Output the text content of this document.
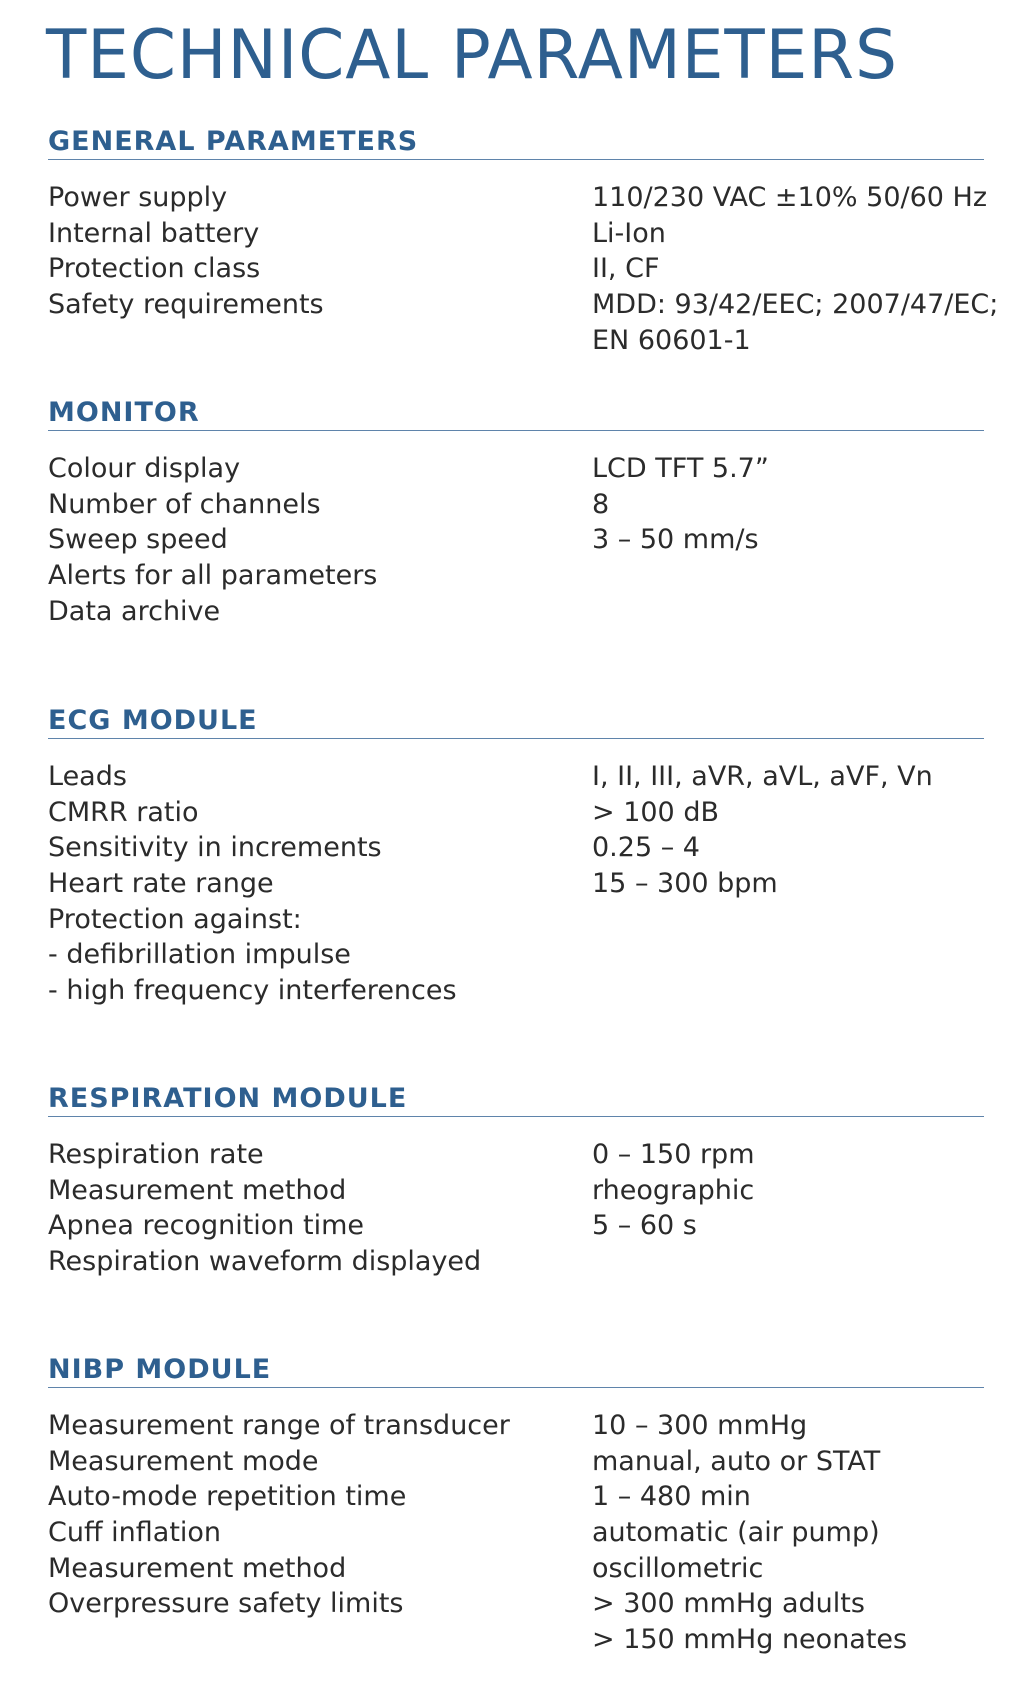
TECHNICAL PARAMETERS
GENERAL PARAMETERS
Power supply	110/230 VAC ±10% 50/60 Hz
Internal battery	Li-Ion
Protection class	II, CF
Safety requirements	MDD: 93/42/EEC; 2007/47/EC;
EN 60601-1
MONITOR
Colour display	LCD TFT 5.7”
Number of channels	8
Sweep speed	3 – 50 mm/s
Alerts for all parameters
Data archive
ECG MODULE
Leads	I, II, III, aVR, aVL, aVF, Vn
CMRR ratio	> 100 dB
Sensitivity in increments	0.25 – 4
Heart rate range	15 – 300 bpm
Protection against:
- defibrillation impulse
- high frequency interferences
RESPIRATION MODULE
Respiration rate	0 – 150 rpm
Measurement method	rheographic
Apnea recognition time	5 – 60 s
Respiration waveform displayed
NIBP MODULE
Measurement range of transducer	10 – 300 mmHg
Measurement mode	manual, auto or STAT
Auto-mode repetition time	1 – 480 min
Cuff inflation	automatic (air pump)
Measurement method	oscillometric
Overpressure safety limits	> 300 mmHg adults
> 150 mmHg neonates
